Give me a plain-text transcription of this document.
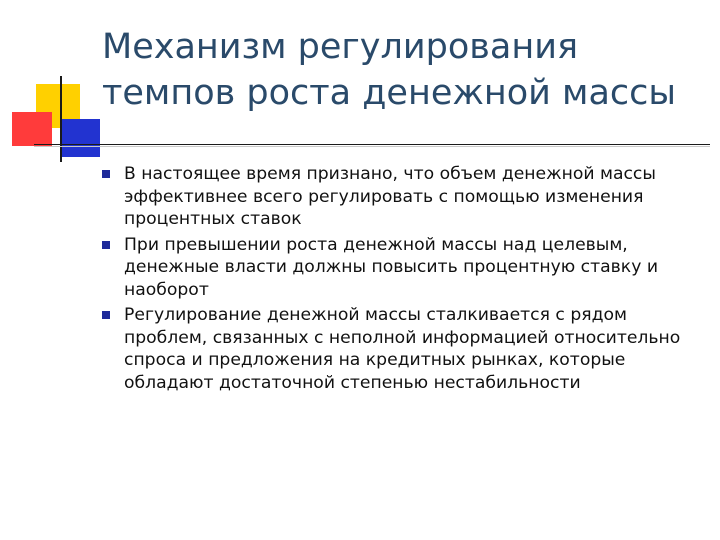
Механизм регулирования темпов роста денежной массы
В настоящее время признано, что объем денежной массы эффективнее всего регулировать с помощью изменения процентных ставок
При превышении роста денежной массы над целевым, денежные власти должны повысить процентную ставку и наоборот
Регулирование денежной массы сталкивается с рядом проблем, связанных с неполной информацией относительно спроса и предложения на кредитных рынках, которые обладают достаточной степенью нестабильности
